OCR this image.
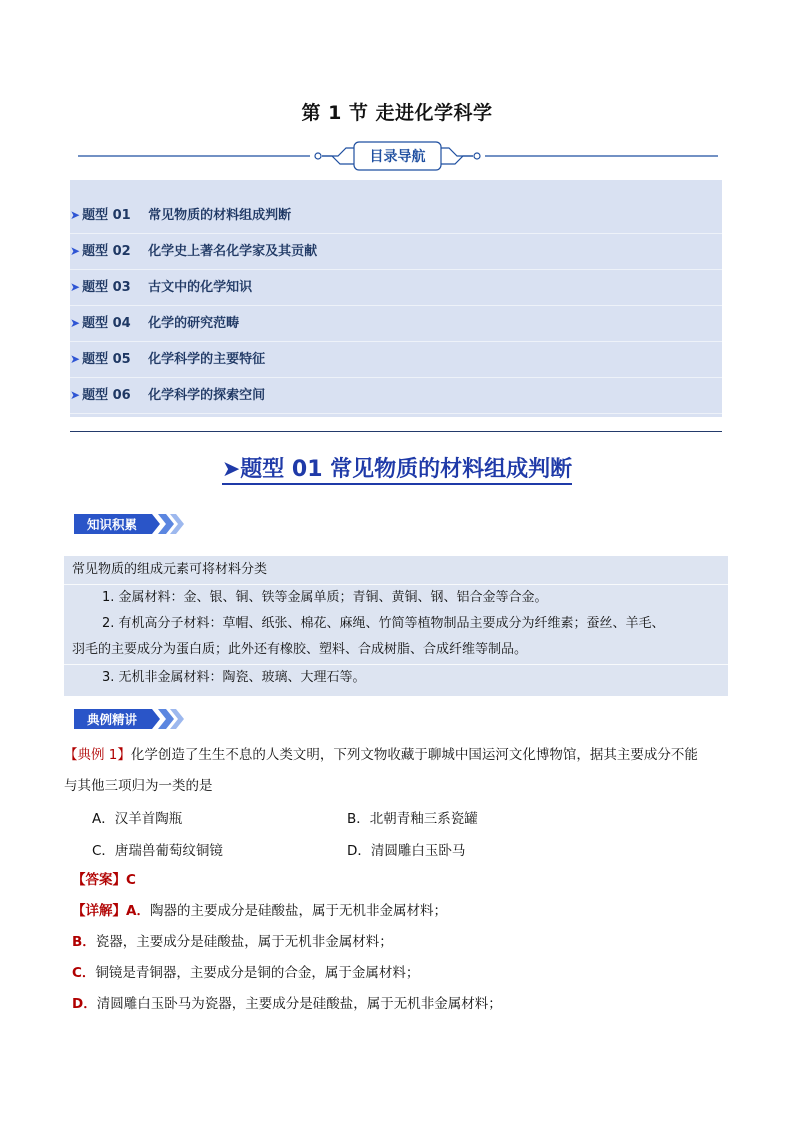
第 1 节 走进化学科学
目录导航
➤ 题型 01 常见物质的材料组成判断
➤ 题型 02 化学史上著名化学家及其贡献
➤ 题型 03 古文中的化学知识
➤ 题型 04 化学的研究范畴
➤ 题型 05 化学科学的主要特征
➤ 题型 06 化学科学的探索空间
➤题型 01 常见物质的材料组成判断
知识积累
常见物质的组成元素可将材料分类
1. 金属材料：金、银、铜、铁等金属单质；青铜、黄铜、钢、铝合金等合金。
2. 有机高分子材料：草帽、纸张、棉花、麻绳、竹简等植物制品主要成分为纤维素；蚕丝、羊毛、
羽毛的主要成分为蛋白质；此外还有橡胶、塑料、合成树脂、合成纤维等制品。
3. 无机非金属材料：陶瓷、玻璃、大理石等。
典例精讲
【典例 1】化学创造了生生不息的人类文明，下列文物收藏于聊城中国运河文化博物馆，据其主要成分不能
与其他三项归为一类的是
A．汉羊首陶瓶	B．北朝青釉三系瓷罐
C．唐瑞兽葡萄纹铜镜	D．清圆雕白玉卧马
【答案】C
【详解】A．陶器的主要成分是硅酸盐，属于无机非金属材料；
B．瓷器，主要成分是硅酸盐，属于无机非金属材料；
C．铜镜是青铜器，主要成分是铜的合金，属于金属材料；
D．清圆雕白玉卧马为瓷器，主要成分是硅酸盐，属于无机非金属材料；
